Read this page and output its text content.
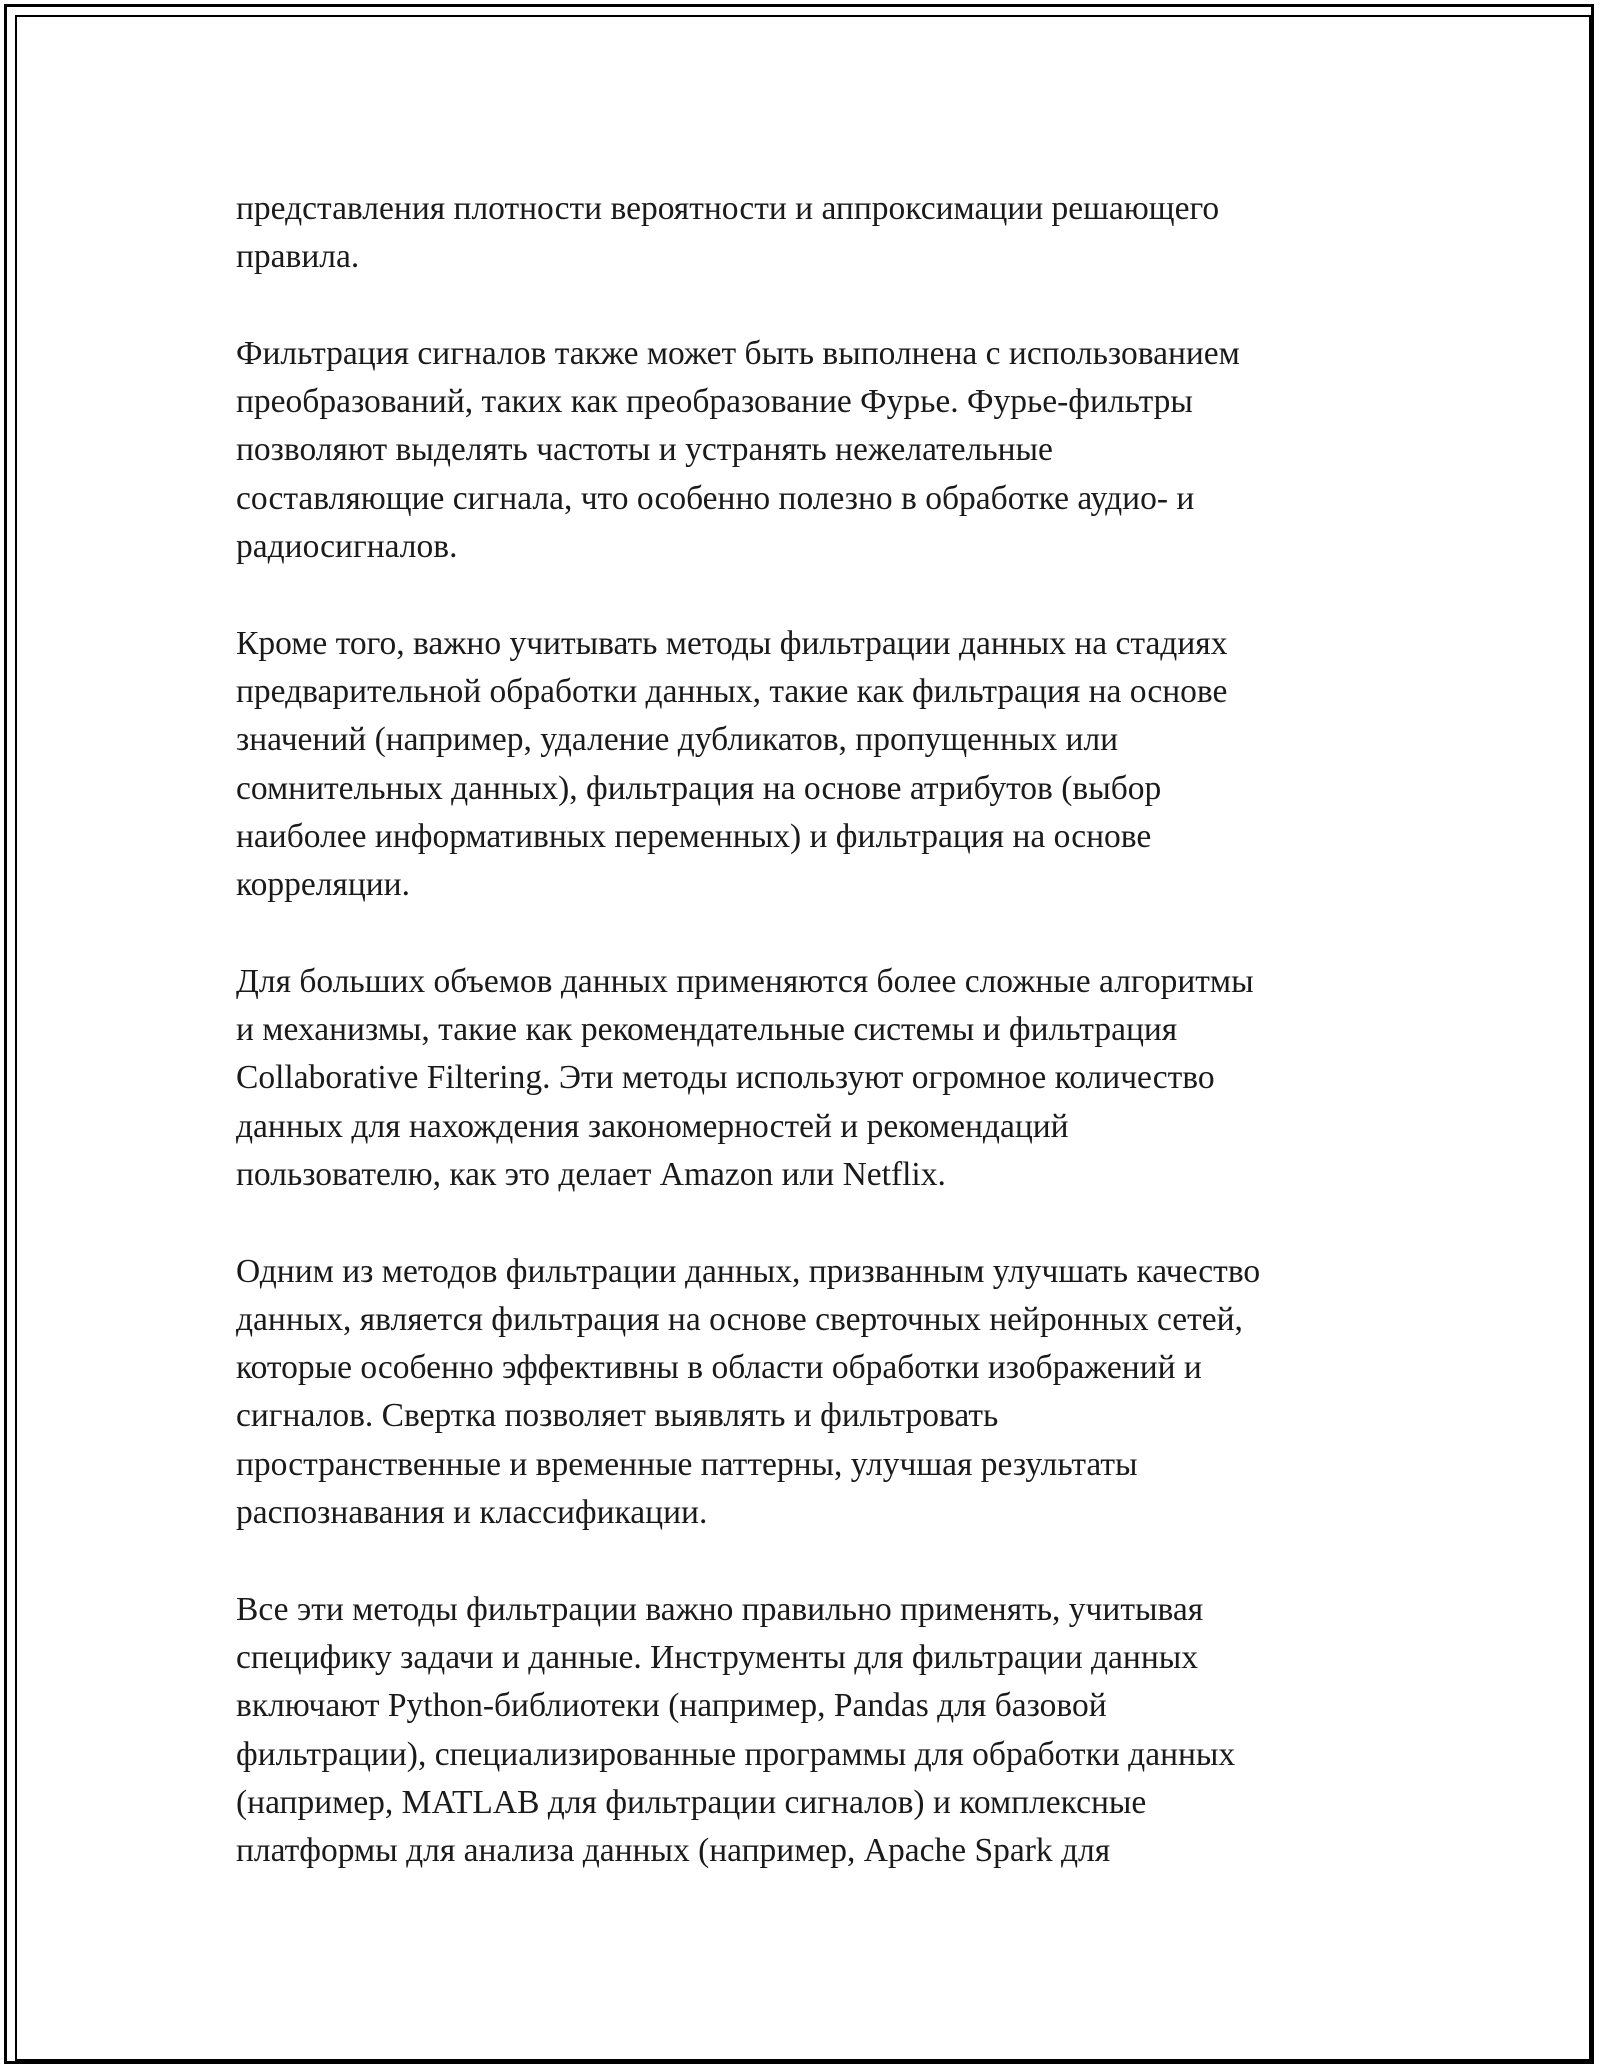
представления плотности вероятности и аппроксимации решающего
правила.

Фильтрация сигналов также может быть выполнена с использованием
преобразований, таких как преобразование Фурье. Фурье-фильтры
позволяют выделять частоты и устранять нежелательные
составляющие сигнала, что особенно полезно в обработке аудио- и
радиосигналов.

Кроме того, важно учитывать методы фильтрации данных на стадиях
предварительной обработки данных, такие как фильтрация на основе
значений (например, удаление дубликатов, пропущенных или
сомнительных данных), фильтрация на основе атрибутов (выбор
наиболее информативных переменных) и фильтрация на основе
корреляции.

Для больших объемов данных применяются более сложные алгоритмы
и механизмы, такие как рекомендательные системы и фильтрация
Collaborative Filtering. Эти методы используют огромное количество
данных для нахождения закономерностей и рекомендаций
пользователю, как это делает Amazon или Netflix.

Одним из методов фильтрации данных, призванным улучшать качество
данных, является фильтрация на основе сверточных нейронных сетей,
которые особенно эффективны в области обработки изображений и
сигналов. Свертка позволяет выявлять и фильтровать
пространственные и временные паттерны, улучшая результаты
распознавания и классификации.

Все эти методы фильтрации важно правильно применять, учитывая
специфику задачи и данные. Инструменты для фильтрации данных
включают Python-библиотеки (например, Pandas для базовой
фильтрации), специализированные программы для обработки данных
(например, MATLAB для фильтрации сигналов) и комплексные
платформы для анализа данных (например, Apache Spark для
